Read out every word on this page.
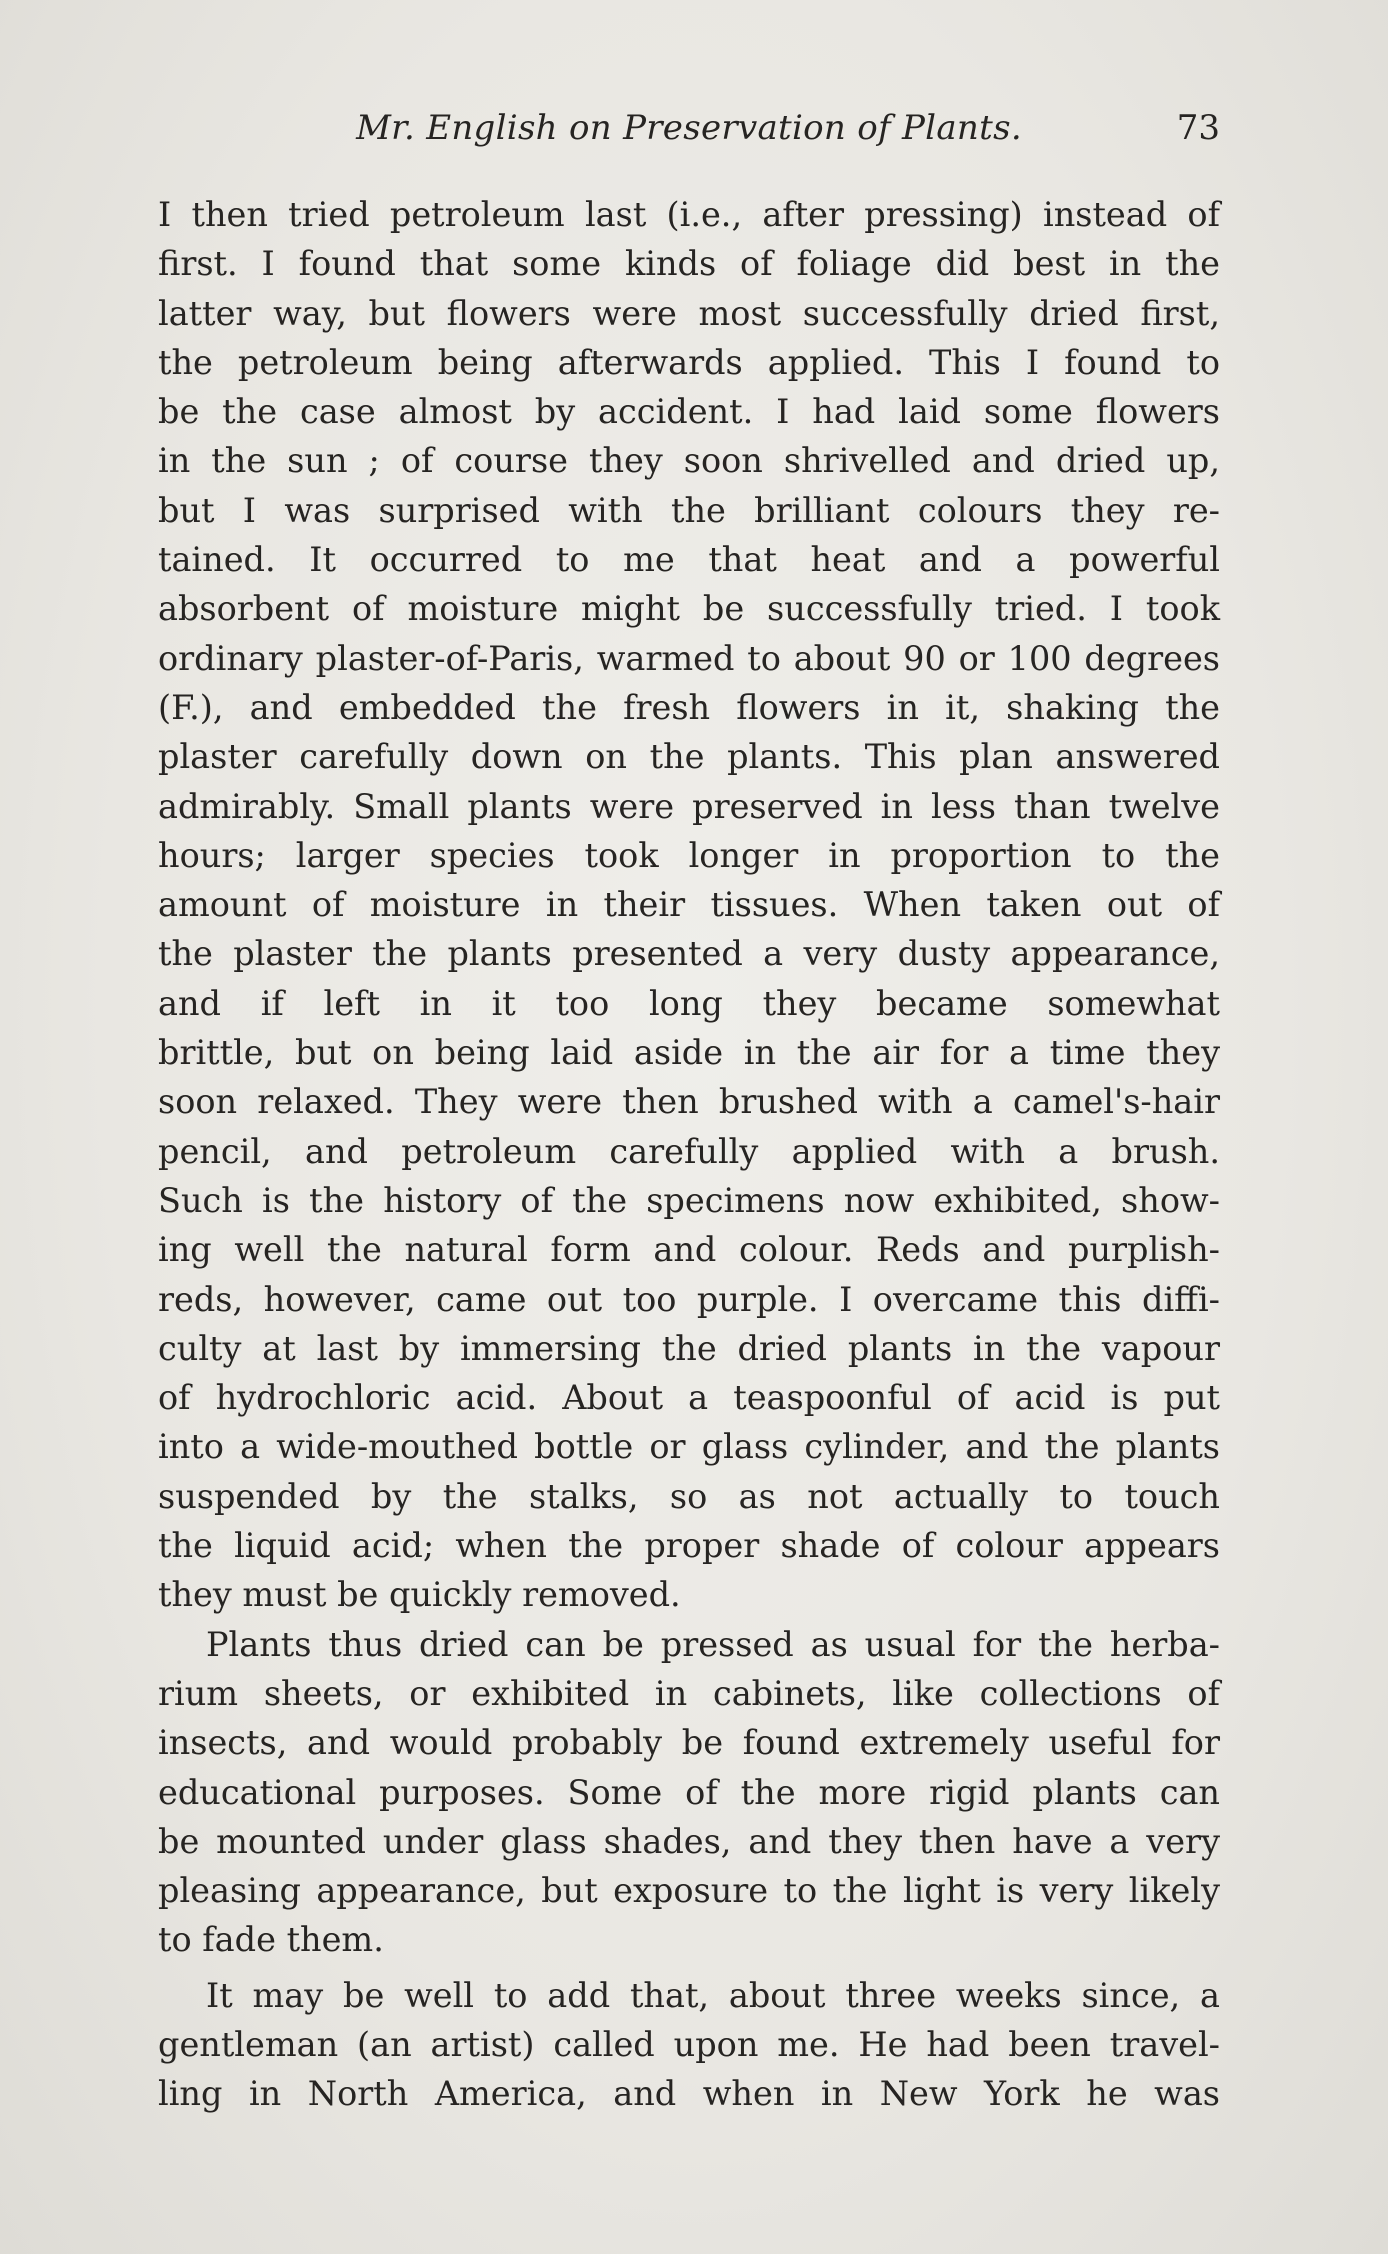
Mr. English on Preservation of Plants.	73
I then tried petroleum last (i.e., after pressing) instead of
first. I found that some kinds of foliage did best in the
latter way, but flowers were most successfully dried first,
the petroleum being afterwards applied. This I found to
be the case almost by accident. I had laid some flowers
in the sun ; of course they soon shrivelled and dried up,
but I was surprised with the brilliant colours they re-
tained. It occurred to me that heat and a powerful
absorbent of moisture might be successfully tried. I took
ordinary plaster-of-Paris, warmed to about 90 or 100 degrees
(F.), and embedded the fresh flowers in it, shaking the
plaster carefully down on the plants. This plan answered
admirably. Small plants were preserved in less than twelve
hours; larger species took longer in proportion to the
amount of moisture in their tissues. When taken out of
the plaster the plants presented a very dusty appearance,
and if left in it too long they became somewhat
brittle, but on being laid aside in the air for a time they
soon relaxed. They were then brushed with a camel's-hair
pencil, and petroleum carefully applied with a brush.
Such is the history of the specimens now exhibited, show-
ing well the natural form and colour. Reds and purplish-
reds, however, came out too purple. I overcame this diffi-
culty at last by immersing the dried plants in the vapour
of hydrochloric acid. About a teaspoonful of acid is put
into a wide-mouthed bottle or glass cylinder, and the plants
suspended by the stalks, so as not actually to touch
the liquid acid; when the proper shade of colour appears
they must be quickly removed.
Plants thus dried can be pressed as usual for the herba-
rium sheets, or exhibited in cabinets, like collections of
insects, and would probably be found extremely useful for
educational purposes. Some of the more rigid plants can
be mounted under glass shades, and they then have a very
pleasing appearance, but exposure to the light is very likely
to fade them.
It may be well to add that, about three weeks since, a
gentleman (an artist) called upon me. He had been travel-
ling in North America, and when in New York he was
